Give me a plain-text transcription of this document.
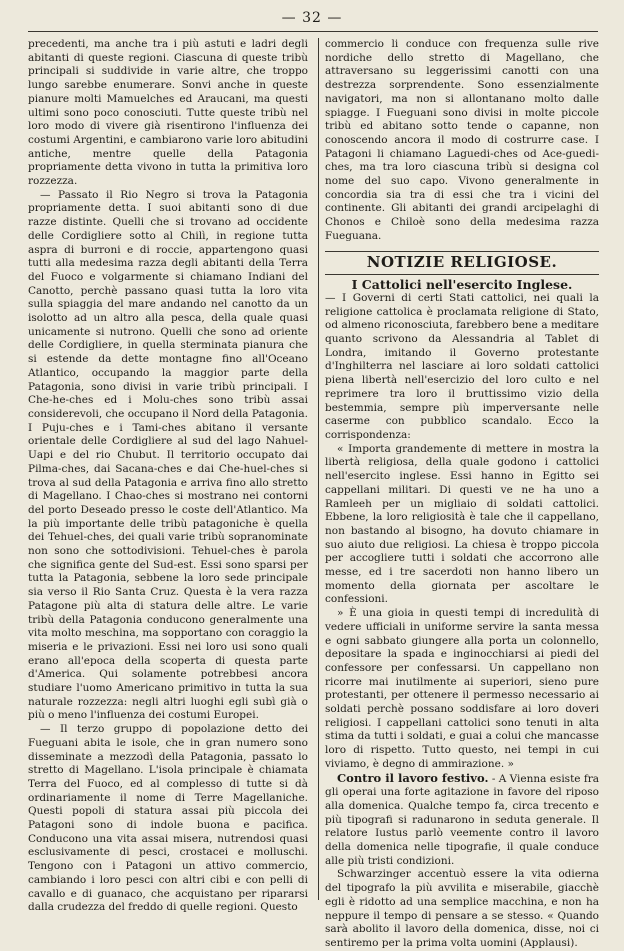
— 32 —

precedenti, ma anche tra i più astuti e ladri degli abitanti di queste regioni. Ciascuna di queste tribù principali si suddivide in varie altre, che troppo lungo sarebbe enumerare. Sonvi anche in queste pianure molti Mamuelches ed Araucani, ma questi ultimi sono poco conosciuti. Tutte queste tribù nel loro modo di vivere già risentirono l'influenza dei costumi Argentini, e cambiarono varie loro abitudini antiche, mentre quelle della Patagonia propriamente detta vivono in tutta la primitiva loro rozzezza.

— Passato il Rio Negro si trova la Patagonia propriamente detta. I suoi abitanti sono di due razze distinte. Quelli che si trovano ad occidente delle Cordigliere sotto al Chilì, in regione tutta aspra di burroni e di roccie, appartengono quasi tutti alla medesima razza degli abitanti della Terra del Fuoco e volgarmente si chiamano Indiani del Canotto, perchè passano quasi tutta la loro vita sulla spiaggia del mare andando nel canotto da un isolotto ad un altro alla pesca, della quale quasi unicamente si nutrono. Quelli che sono ad oriente delle Cordigliere, in quella sterminata pianura che si estende da dette montagne fino all'Oceano Atlantico, occupando la maggior parte della Patagonia, sono divisi in varie tribù principali. I Che-he-ches ed i Molu-ches sono tribù assai considerevoli, che occupano il Nord della Patagonia. I Puju-ches e i Tami-ches abitano il versante orientale delle Cordigliere al sud del lago Nahuel-Uapi e del rio Chubut. Il territorio occupato dai Pilma-ches, dai Sacana-ches e dai Che-huel-ches si trova al sud della Patagonia e arriva fino allo stretto di Magellano. I Chao-ches si mostrano nei contorni del porto Deseado presso le coste dell'Atlantico. Ma la più importante delle tribù patagoniche è quella dei Tehuel-ches, dei quali varie tribù sopranominate non sono che sottodivisioni. Tehuel-ches è parola che significa gente del Sud-est. Essi sono sparsi per tutta la Patagonia, sebbene la loro sede principale sia verso il Rio Santa Cruz. Questa è la vera razza Patagone più alta di statura delle altre. Le varie tribù della Patagonia conducono generalmente una vita molto meschina, ma sopportano con coraggio la miseria e le privazioni. Essi nei loro usi sono quali erano all'epoca della scoperta di questa parte d'America. Qui solamente potrebbesi ancora studiare l'uomo Americano primitivo in tutta la sua naturale rozzezza: negli altri luoghi egli subì già o più o meno l'influenza dei costumi Europei.

— Il terzo gruppo di popolazione detto dei Fueguani abita le isole, che in gran numero sono disseminate a mezzodì della Patagonia, passato lo stretto di Magellano. L'isola principale è chiamata Terra del Fuoco, ed al complesso di tutte si dà ordinariamente il nome di Terre Magellaniche. Questi popoli di statura assai più piccola dei Patagoni sono di indole buona e pacifica. Conducono una vita assai misera, nutrendosi quasi esclusivamente di pesci, crostacei e molluschi. Tengono con i Patagoni un attivo commercio, cambiando i loro pesci con altri cibi e con pelli di cavallo e di guanaco, che acquistano per ripararsi dalla crudezza del freddo di quelle regioni. Questo

commercio li conduce con frequenza sulle rive nordiche dello stretto di Magellano, che attraversano su leggerissimi canotti con una destrezza sorprendente. Sono essenzialmente navigatori, ma non si allontanano molto dalle spiagge. I Fueguani sono divisi in molte piccole tribù ed abitano sotto tende o capanne, non conoscendo ancora il modo di costrurre case. I Patagoni li chiamano Laguedi-ches od Ace-guedi-ches, ma tra loro ciascuna tribù si designa col nome del suo capo. Vivono generalmente in concordia sia tra di essi che tra i vicini del continente. Gli abitanti dei grandi arcipelaghi di Chonos e Chiloè sono della medesima razza Fueguana.

NOTIZIE RELIGIOSE.
I Cattolici nell'esercito Inglese.

— I Governi di certi Stati cattolici, nei quali la religione cattolica è proclamata religione di Stato, od almeno riconosciuta, farebbero bene a meditare quanto scrivono da Alessandria al Tablet di Londra, imitando il Governo protestante d'Inghilterra nel lasciare ai loro soldati cattolici piena libertà nell'esercizio del loro culto e nel reprimere tra loro il bruttissimo vizio della bestemmia, sempre più imperversante nelle caserme con pubblico scandalo. Ecco la corrispondenza:

« Importa grandemente di mettere in mostra la libertà religiosa, della quale godono i cattolici nell'esercito inglese. Essi hanno in Egitto sei cappellani militari. Di questi ve ne ha uno a Ramleeh per un migliaio di soldati cattolici. Ebbene, la loro religiosità è tale che il cappellano, non bastando al bisogno, ha dovuto chiamare in suo aiuto due religiosi. La chiesa è troppo piccola per accogliere tutti i soldati che accorrono alle messe, ed i tre sacerdoti non hanno libero un momento della giornata per ascoltare le confessioni.

» È una gioia in questi tempi di incredulità di vedere ufficiali in uniforme servire la santa messa e ogni sabbato giungere alla porta un colonnello, depositare la spada e inginocchiarsi ai piedi del confessore per confessarsi. Un cappellano non ricorre mai inutilmente ai superiori, sieno pure protestanti, per ottenere il permesso necessario ai soldati perchè possano soddisfare ai loro doveri religiosi. I cappellani cattolici sono tenuti in alta stima da tutti i soldati, e guai a colui che mancasse loro di rispetto. Tutto questo, nei tempi in cui viviamo, è degno di ammirazione. »

Contro il lavoro festivo. - A Vienna esiste fra gli operai una forte agitazione in favore del riposo alla domenica. Qualche tempo fa, circa trecento e più tipografi si radunarono in seduta generale. Il relatore Iustus parlò veemente contro il lavoro della domenica nelle tipografie, il quale conduce alle più tristi condizioni.

Schwarzinger accentuò essere la vita odierna del tipografo la più avvilita e miserabile, giacchè egli è ridotto ad una semplice macchina, e non ha neppure il tempo di pensare a se stesso. « Quando sarà abolito il lavoro della domenica, disse, noi ci sentiremo per la prima volta uomini (Applausi).
